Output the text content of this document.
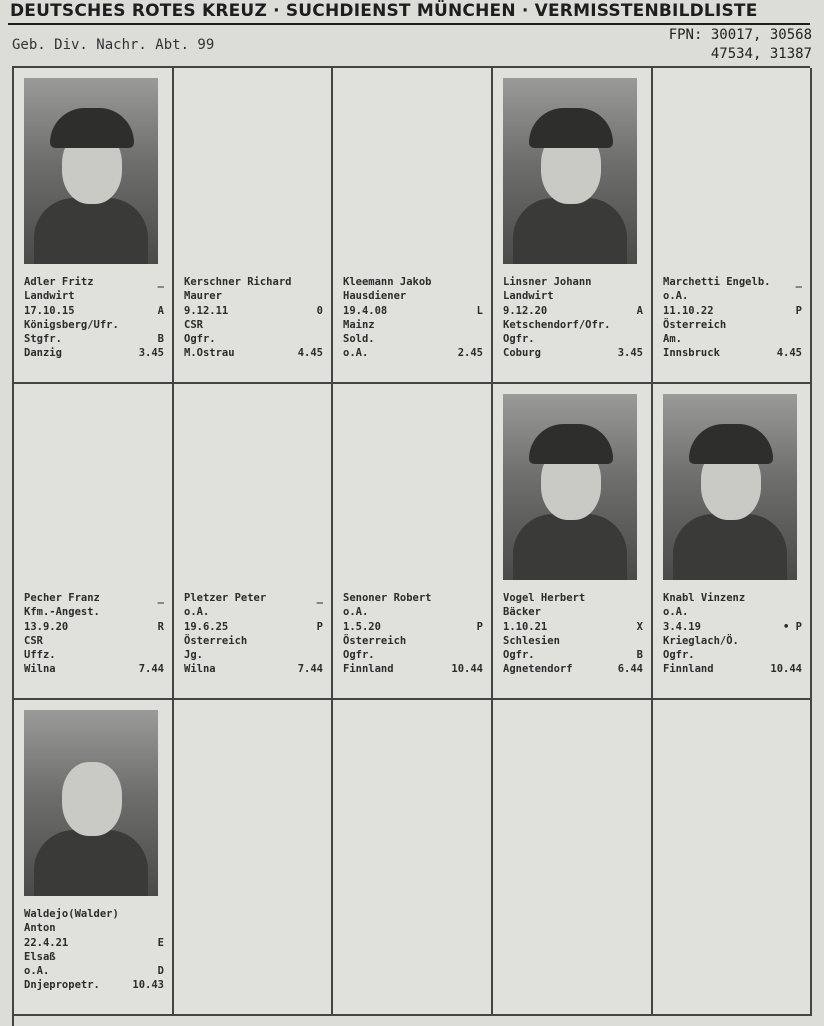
DEUTSCHES ROTES KREUZ · SUCHDIENST MÜNCHEN · VERMISSTENBILDLISTE
Geb. Div. Nachr. Abt. 99
FPN: 30017, 30568
47534, 31387
Adler Fritz	_
Landwirt
17.10.15	A
Königsberg/Ufr.
Stgfr.	B
Danzig	3.45
Kerschner Richard
Maurer
9.12.11	0
CSR
Ogfr.
M.Ostrau	4.45
Kleemann Jakob
Hausdiener
19.4.08	L
Mainz
Sold.
o.A.	2.45
Linsner Johann
Landwirt
9.12.20	A
Ketschendorf/Ofr.
Ogfr.
Coburg	3.45
Marchetti Engelb. _
o.A.
11.10.22	P
Österreich
Am.
Innsbruck	4.45
Pecher Franz	_
Kfm.-Angest.
13.9.20	R
CSR
Uffz.
Wilna	7.44
Pletzer Peter	_
o.A.
19.6.25	P
Österreich
Jg.
Wilna	7.44
Senoner Robert
o.A.
1.5.20	P
Österreich
Ogfr.
Finnland	10.44
Vogel Herbert
Bäcker
1.10.21	X
Schlesien
Ogfr.	B
Agnetendorf	6.44
Knabl Vinzenz
o.A.
3.4.19	• P
Krieglach/Ö.
Ogfr.
Finnland	10.44
Waldejo(Walder)
Anton
22.4.21	E
Elsaß
o.A.	D
Dnjepropetr.	10.43
